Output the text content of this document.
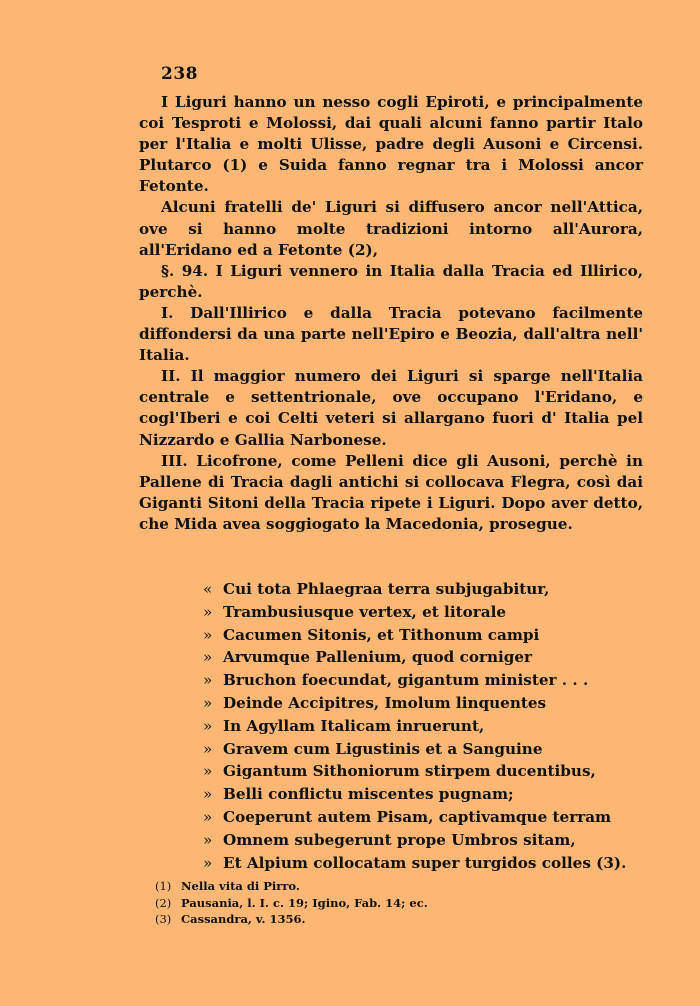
238

I Liguri hanno un nesso cogli Epiroti, e principalmente coi Tesproti e Molossi, dai quali alcuni fanno partir Italo per l'Italia e molti Ulisse, padre degli Ausoni e Circensi. Plutarco (1) e Suida fanno regnar tra i Molossi ancor Fetonte.

Alcuni fratelli de' Liguri si diffusero ancor nell'Attica, ove si hanno molte tradizioni intorno all'Aurora, all'Eridano ed a Fetonte (2),

§. 94. I Liguri vennero in Italia dalla Tracia ed Illirico, perchè.

I. Dall'Illirico e dalla Tracia potevano facilmente diffondersi da una parte nell'Epiro e Beozia, dall'altra nell' Italia.

II. Il maggior numero dei Liguri si sparge nell'Italia centrale e settentrionale, ove occupano l'Eridano, e cogl'Iberi e coi Celti veteri si allargano fuori d' Italia pel Nizzardo e Gallia Narbonese.

III. Licofrone, come Pelleni dice gli Ausoni, perchè in Pallene di Tracia dagli antichi si collocava Flegra, così dai Giganti Sitoni della Tracia ripete i Liguri. Dopo aver detto, che Mida avea soggiogato la Macedonia, prosegue.

« Cui tota Phlaegraa terra subjugabitur,
» Trambusiusque vertex, et litorale
» Cacumen Sitonis, et Tithonum campi
» Arvumque Pallenium, quod corniger
» Bruchon foecundat, gigantum minister . . .
» Deinde Accipitres, Imolum linquentes
» In Agyllam Italicam inruerunt,
» Gravem cum Ligustinis et a Sanguine
» Gigantum Sithoniorum stirpem ducentibus,
» Belli conflictu miscentes pugnam;
» Coeperunt autem Pisam, captivamque terram
» Omnem subegerunt prope Umbros sitam,
» Et Alpium collocatam super turgidos colles (3).
(1) Nella vita di Pirro.
(2) Pausania, l. I. c. 19; Igino, Fab. 14; ec.
(3) Cassandra, v. 1356.
